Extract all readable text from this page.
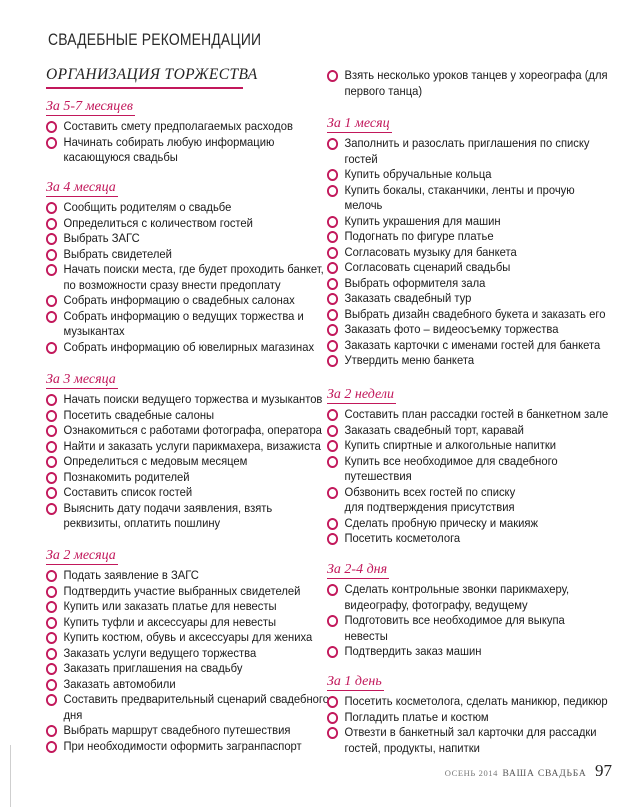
СВАДЕБНЫЕ РЕКОМЕНДАЦИИ
ОРГАНИЗАЦИЯ ТОРЖЕСТВА
За 5-7 месяцев
Составить смету предполагаемых расходов
Начинать собирать любую информацию
касающуюся свадьбы
За 4 месяца
Сообщить родителям о свадьбе
Определиться с количеством гостей
Выбрать ЗАГС
Выбрать свидетелей
Начать поиски места, где будет проходить банкет,
по возможности сразу внести предоплату
Собрать информацию о свадебных салонах
Собрать информацию о ведущих торжества и
музыкантах
Собрать информацию об ювелирных магазинах
За 3 месяца
Начать поиски ведущего торжества и музыкантов
Посетить свадебные салоны
Ознакомиться с работами фотографа, оператора
Найти и заказать услуги парикмахера, визажиста
Определиться с медовым месяцем
Познакомить родителей
Составить список гостей
Выяснить дату подачи заявления, взять
реквизиты, оплатить пошлину
За 2 месяца
Подать заявление в ЗАГС
Подтвердить участие выбранных свидетелей
Купить или заказать платье для невесты
Купить туфли и аксессуары для невесты
Купить костюм, обувь и аксессуары для жениха
Заказать услуги ведущего торжества
Заказать приглашения на свадьбу
Заказать автомобили
Составить предварительный сценарий свадебного
дня
Выбрать маршрут свадебного путешествия
При необходимости оформить загранпаспорт
За 1 месяц
Заполнить и разослать приглашения по списку
гостей
Купить обручальные кольца
Купить бокалы, стаканчики, ленты и прочую
мелочь
Купить украшения для машин
Подогнать по фигуре платье
Согласовать музыку для банкета
Согласовать сценарий свадьбы
Выбрать оформителя зала
Заказать свадебный тур
Выбрать дизайн свадебного букета и заказать его
Заказать фото – видеосъемку торжества
Заказать карточки с именами гостей для банкета
Утвердить меню банкета
За 2 недели
Составить план рассадки гостей в банкетном зале
Заказать свадебный торт, каравай
Купить спиртные и алкогольные напитки
Купить все необходимое для свадебного
путешествия
Обзвонить всех гостей по списку
для подтверждения присутствия
Сделать пробную прическу и макияж
Посетить косметолога
За 2-4 дня
Сделать контрольные звонки парикмахеру,
видеографу, фотографу, ведущему
Подготовить все необходимое для выкупа
невесты
Подтвердить заказ машин
За 1 день
Посетить косметолога, сделать маникюр, педикюр
Погладить платье и костюм
Отвезти в банкетный зал карточки для рассадки
гостей, продукты, напитки
Взять несколько уроков танцев у хореографа (для
первого танца)
ОСЕНЬ 2014 ВАША СВАДЬБА 97
